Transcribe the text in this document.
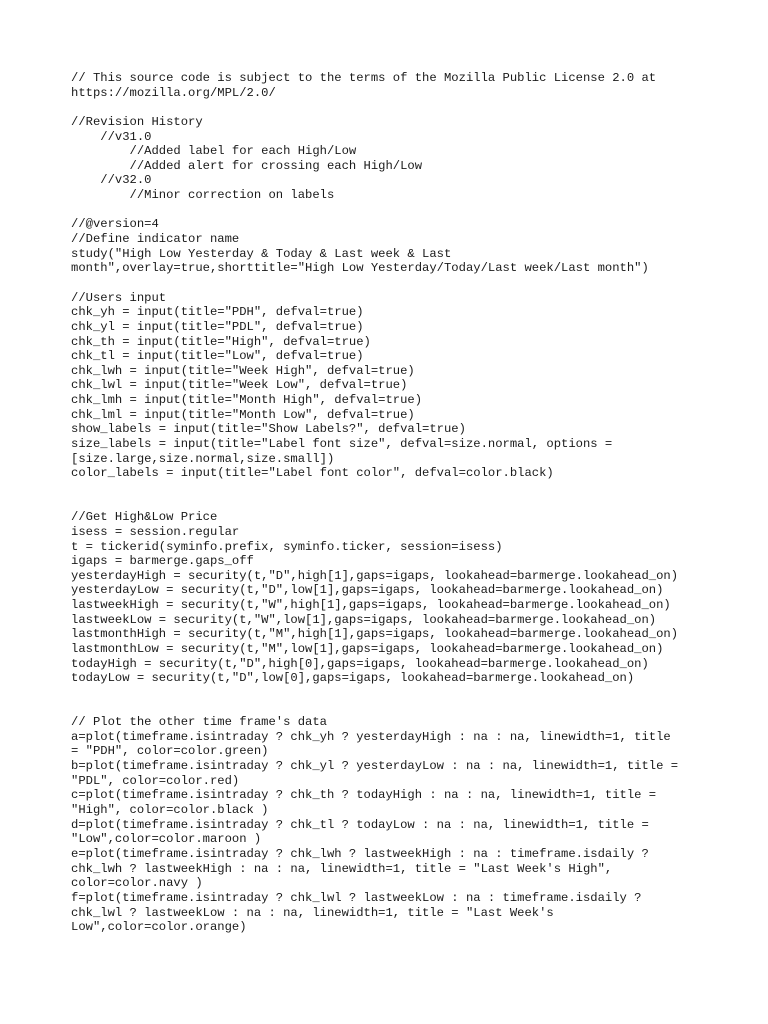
// This source code is subject to the terms of the Mozilla Public License 2.0 at
https://mozilla.org/MPL/2.0/
//Revision History
//v31.0
//Added label for each High/Low
//Added alert for crossing each High/Low
//v32.0
//Minor correction on labels
//@version=4
//Define indicator name
study("High Low Yesterday & Today & Last week & Last
month",overlay=true,shorttitle="High Low Yesterday/Today/Last week/Last month")
//Users input
chk_yh = input(title="PDH", defval=true)
chk_yl = input(title="PDL", defval=true)
chk_th = input(title="High", defval=true)
chk_tl = input(title="Low", defval=true)
chk_lwh = input(title="Week High", defval=true)
chk_lwl = input(title="Week Low", defval=true)
chk_lmh = input(title="Month High", defval=true)
chk_lml = input(title="Month Low", defval=true)
show_labels = input(title="Show Labels?", defval=true)
size_labels = input(title="Label font size", defval=size.normal, options =
[size.large,size.normal,size.small])
color_labels = input(title="Label font color", defval=color.black)
//Get High&Low Price
isess = session.regular
t = tickerid(syminfo.prefix, syminfo.ticker, session=isess)
igaps = barmerge.gaps_off
yesterdayHigh = security(t,"D",high[1],gaps=igaps, lookahead=barmerge.lookahead_on)
yesterdayLow = security(t,"D",low[1],gaps=igaps, lookahead=barmerge.lookahead_on)
lastweekHigh = security(t,"W",high[1],gaps=igaps, lookahead=barmerge.lookahead_on)
lastweekLow = security(t,"W",low[1],gaps=igaps, lookahead=barmerge.lookahead_on)
lastmonthHigh = security(t,"M",high[1],gaps=igaps, lookahead=barmerge.lookahead_on)
lastmonthLow = security(t,"M",low[1],gaps=igaps, lookahead=barmerge.lookahead_on)
todayHigh = security(t,"D",high[0],gaps=igaps, lookahead=barmerge.lookahead_on)
todayLow = security(t,"D",low[0],gaps=igaps, lookahead=barmerge.lookahead_on)
// Plot the other time frame's data
a=plot(timeframe.isintraday ? chk_yh ? yesterdayHigh : na : na, linewidth=1, title
= "PDH", color=color.green)
b=plot(timeframe.isintraday ? chk_yl ? yesterdayLow : na : na, linewidth=1, title =
"PDL", color=color.red)
c=plot(timeframe.isintraday ? chk_th ? todayHigh : na : na, linewidth=1, title =
"High", color=color.black )
d=plot(timeframe.isintraday ? chk_tl ? todayLow : na : na, linewidth=1, title =
"Low",color=color.maroon )
e=plot(timeframe.isintraday ? chk_lwh ? lastweekHigh : na : timeframe.isdaily ?
chk_lwh ? lastweekHigh : na : na, linewidth=1, title = "Last Week's High",
color=color.navy )
f=plot(timeframe.isintraday ? chk_lwl ? lastweekLow : na : timeframe.isdaily ?
chk_lwl ? lastweekLow : na : na, linewidth=1, title = "Last Week's
Low",color=color.orange)
